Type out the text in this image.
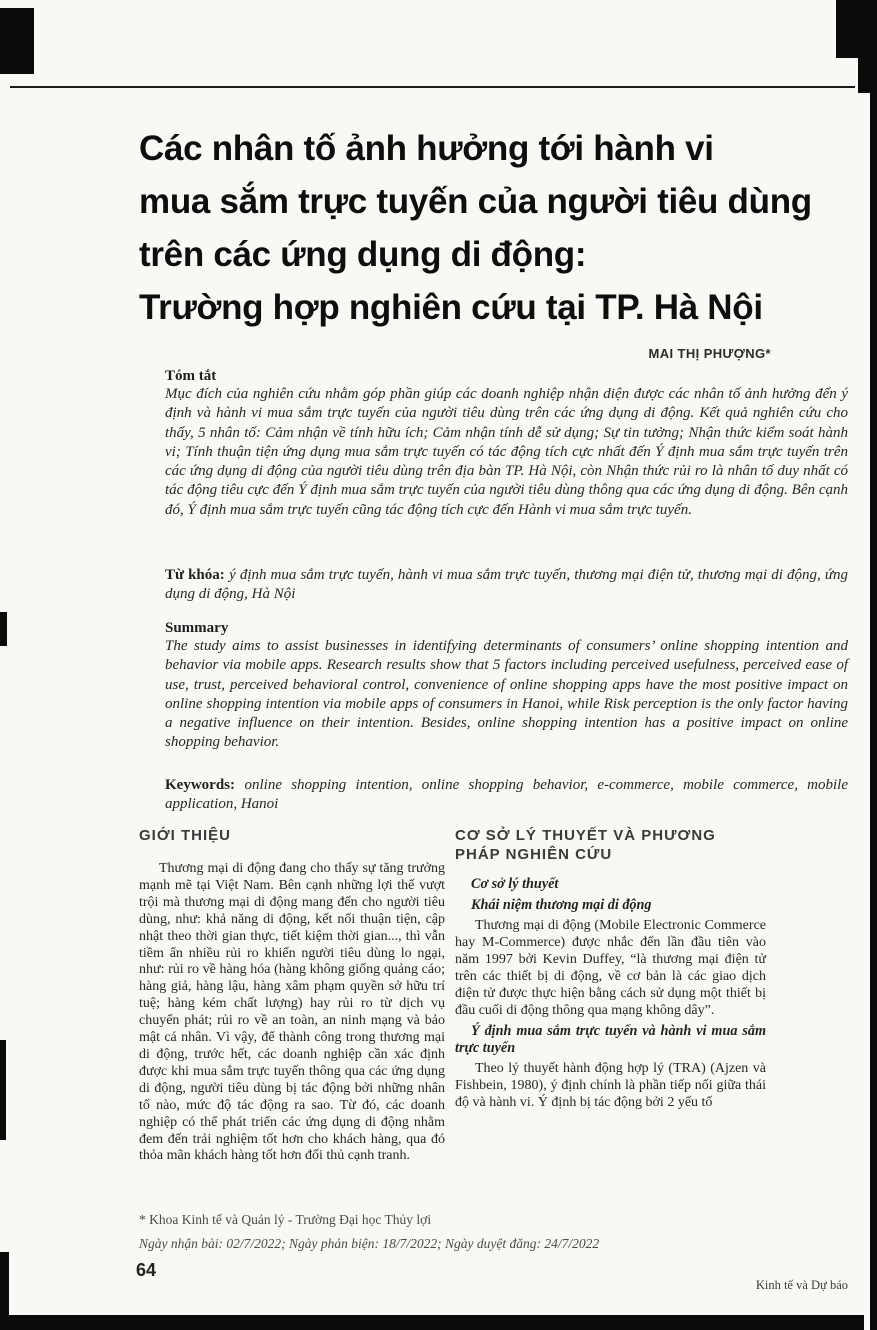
Các nhân tố ảnh hưởng tới hành vi
mua sắm trực tuyến của người tiêu dùng
trên các ứng dụng di động:
Trường hợp nghiên cứu tại TP. Hà Nội
MAI THỊ PHƯỢNG*
Tóm tắt
Mục đích của nghiên cứu nhằm góp phần giúp các doanh nghiệp nhận diện được các nhân tố ảnh hưởng đến ý định và hành vi mua sắm trực tuyến của người tiêu dùng trên các ứng dụng di động. Kết quả nghiên cứu cho thấy, 5 nhân tố: Cảm nhận về tính hữu ích; Cảm nhận tính dễ sử dụng; Sự tin tưởng; Nhận thức kiểm soát hành vi; Tính thuận tiện ứng dụng mua sắm trực tuyến có tác động tích cực nhất đến Ý định mua sắm trực tuyến trên các ứng dụng di động của người tiêu dùng trên địa bàn TP. Hà Nội, còn Nhận thức rủi ro là nhân tố duy nhất có tác động tiêu cực đến Ý định mua sắm trực tuyến của người tiêu dùng thông qua các ứng dụng di động. Bên cạnh đó, Ý định mua sắm trực tuyến cũng tác động tích cực đến Hành vi mua sắm trực tuyến.
Từ khóa: ý định mua sắm trực tuyến, hành vi mua sắm trực tuyến, thương mại điện tử, thương mại di động, ứng dụng di động, Hà Nội
Summary
The study aims to assist businesses in identifying determinants of consumers’ online shopping intention and behavior via mobile apps. Research results show that 5 factors including perceived usefulness, perceived ease of use, trust, perceived behavioral control, convenience of online shopping apps have the most positive impact on online shopping intention via mobile apps of consumers in Hanoi, while Risk perception is the only factor having a negative influence on their intention. Besides, online shopping intention has a positive impact on online shopping behavior.
Keywords: online shopping intention, online shopping behavior, e-commerce, mobile commerce, mobile application, Hanoi
GIỚI THIỆU
Thương mại di động đang cho thấy sự tăng trưởng mạnh mẽ tại Việt Nam. Bên cạnh những lợi thế vượt trội mà thương mại di động mang đến cho người tiêu dùng, như: khả năng di động, kết nối thuận tiện, cập nhật theo thời gian thực, tiết kiệm thời gian..., thì vẫn tiềm ẩn nhiều rủi ro khiến người tiêu dùng lo ngại, như: rủi ro về hàng hóa (hàng không giống quảng cáo; hàng giả, hàng lậu, hàng xâm phạm quyền sở hữu trí tuệ; hàng kém chất lượng) hay rủi ro từ dịch vụ chuyển phát; rủi ro về an toàn, an ninh mạng và bảo mật cá nhân. Vì vậy, để thành công trong thương mại di động, trước hết, các doanh nghiệp cần xác định được khi mua sắm trực tuyến thông qua các ứng dụng di động, người tiêu dùng bị tác động bởi những nhân tố nào, mức độ tác động ra sao. Từ đó, các doanh nghiệp có thể phát triển các ứng dụng di động nhằm đem đến trải nghiệm tốt hơn cho khách hàng, qua đó thỏa mãn khách hàng tốt hơn đối thủ cạnh tranh.
CƠ SỞ LÝ THUYẾT VÀ PHƯƠNG PHÁP NGHIÊN CỨU

Cơ sở lý thuyết

Khái niệm thương mại di động

Thương mại di động (Mobile Electronic Commerce hay M-Commerce) được nhắc đến lần đầu tiên vào năm 1997 bởi Kevin Duffey, “là thương mại điện tử trên các thiết bị di động, về cơ bản là các giao dịch điện tử được thực hiện bằng cách sử dụng một thiết bị đầu cuối di động thông qua mạng không dây”.

Ý định mua sắm trực tuyến và hành vi mua sắm trực tuyến

Theo lý thuyết hành động hợp lý (TRA) (Ajzen và Fishbein, 1980), ý định chính là phần tiếp nối giữa thái độ và hành vi. Ý định bị tác động bởi 2 yếu tố

* Khoa Kinh tế và Quản lý - Trường Đại học Thủy lợi
Ngày nhận bài: 02/7/2022; Ngày phản biện: 18/7/2022; Ngày duyệt đăng: 24/7/2022
64
Kinh tế và Dự báo
